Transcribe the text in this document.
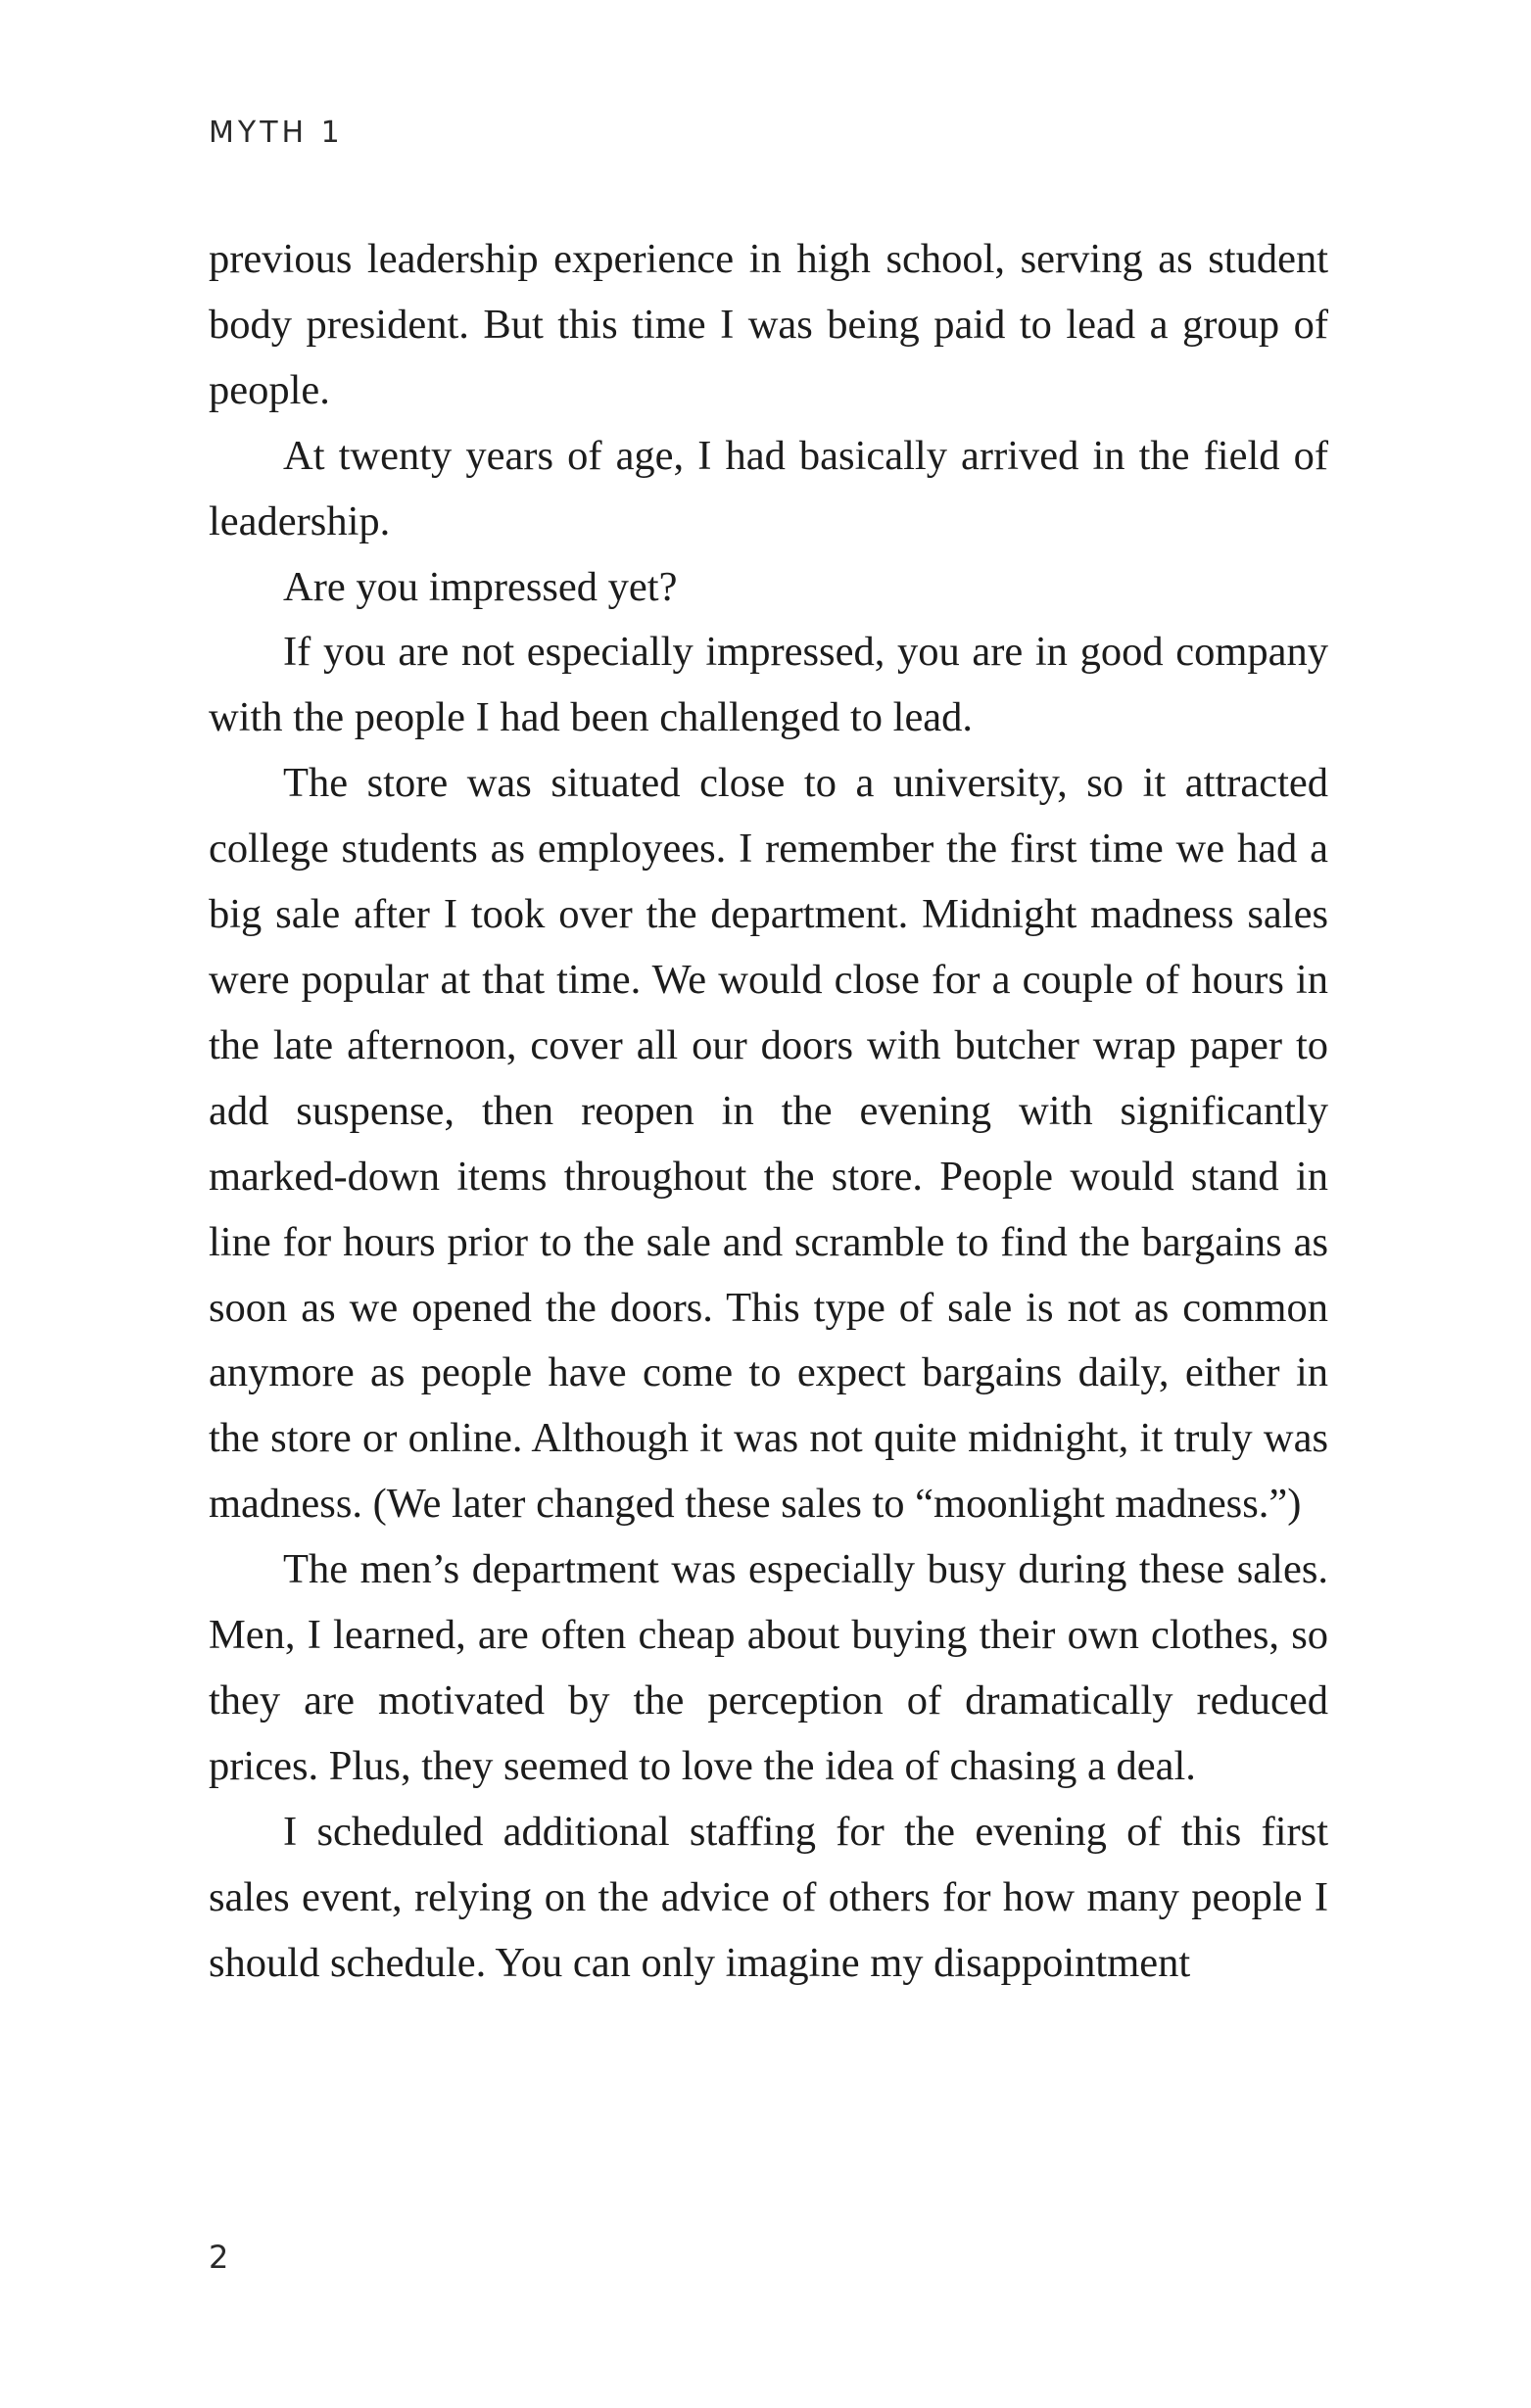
MYTH 1

previous leadership experience in high school, serving as student body president. But this time I was being paid to lead a group of people.

At twenty years of age, I had basically arrived in the field of leadership.

Are you impressed yet?

If you are not especially impressed, you are in good company with the people I had been challenged to lead.

The store was situated close to a university, so it attracted college students as employees. I remember the first time we had a big sale after I took over the department. Midnight madness sales were popular at that time. We would close for a couple of hours in the late afternoon, cover all our doors with butcher wrap paper to add suspense, then reopen in the evening with significantly marked-down items throughout the store. People would stand in line for hours prior to the sale and scramble to find the bargains as soon as we opened the doors. This type of sale is not as common anymore as people have come to expect bargains daily, either in the store or online. Although it was not quite midnight, it truly was madness. (We later changed these sales to “moonlight madness.”)

The men’s department was especially busy during these sales. Men, I learned, are often cheap about buying their own clothes, so they are motivated by the perception of dramatically reduced prices. Plus, they seemed to love the idea of chasing a deal.

I scheduled additional staffing for the evening of this first sales event, relying on the advice of others for how many people I should schedule. You can only imagine my disappointment

2
